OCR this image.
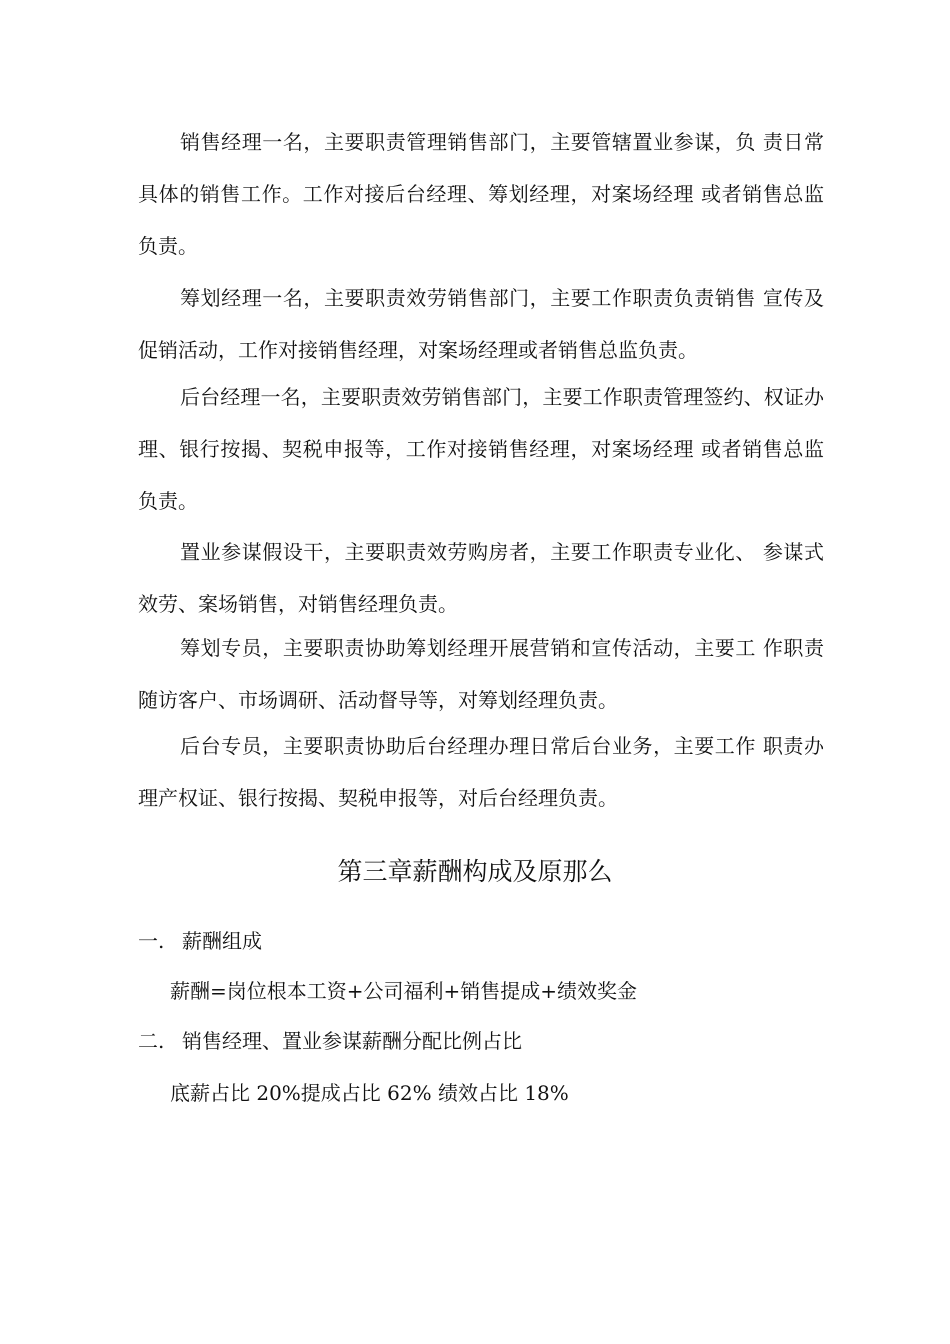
销售经理一名，主要职责管理销售部门，主要管辖置业参谋，负 责日常具体的销售工作。工作对接后台经理、筹划经理，对案场经理 或者销售总监负责。

筹划经理一名，主要职责效劳销售部门，主要工作职责负责销售 宣传及促销活动，工作对接销售经理，对案场经理或者销售总监负责。

后台经理一名，主要职责效劳销售部门，主要工作职责管理签约、权证办理、银行按揭、契税申报等，工作对接销售经理，对案场经理 或者销售总监负责。

置业参谋假设干，主要职责效劳购房者，主要工作职责专业化、 参谋式效劳、案场销售，对销售经理负责。

筹划专员，主要职责协助筹划经理开展营销和宣传活动，主要工 作职责随访客户、市场调研、活动督导等，对筹划经理负责。

后台专员，主要职责协助后台经理办理日常后台业务，主要工作 职责办理产权证、银行按揭、契税申报等，对后台经理负责。

第三章薪酬构成及原那么

一. 薪酬组成

薪酬=岗位根本工资+公司福利+销售提成+绩效奖金

二. 销售经理、置业参谋薪酬分配比例占比

底薪占比 20%提成占比 62% 绩效占比 18%
